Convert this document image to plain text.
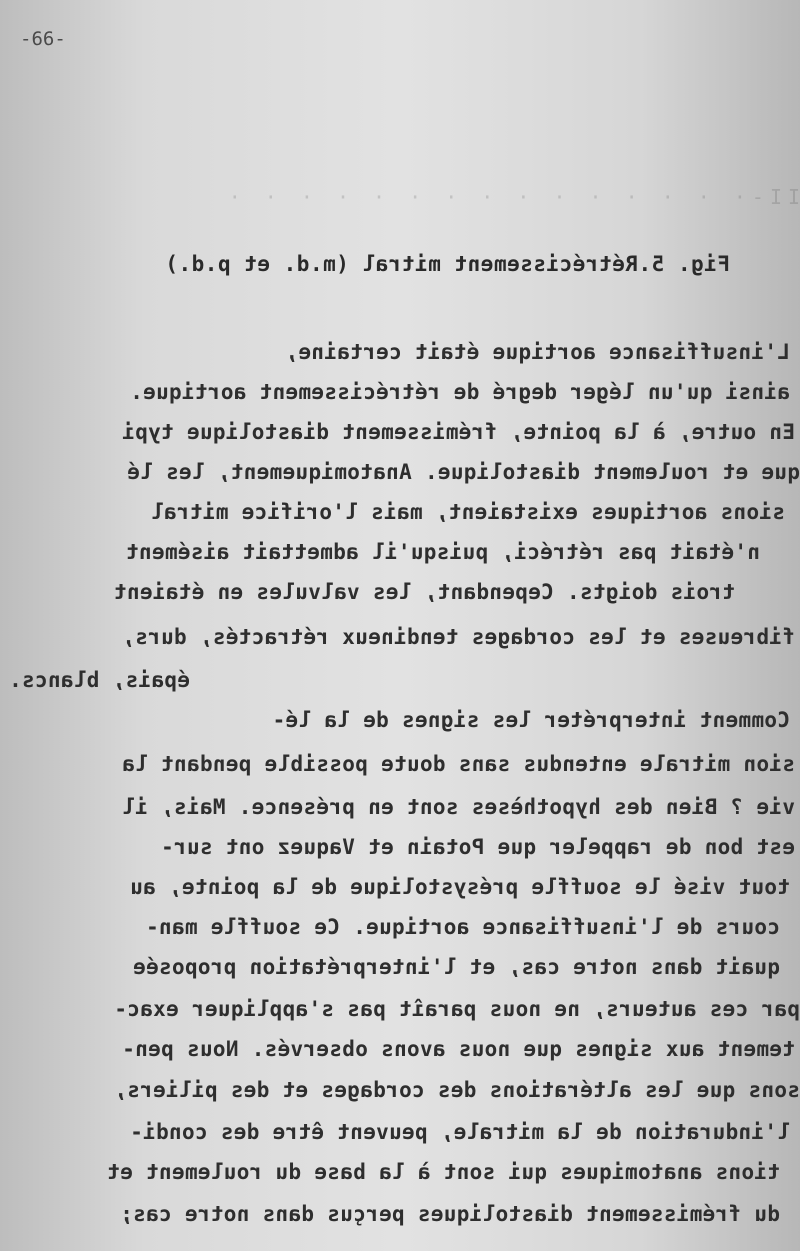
II-· · · · · · · · · · · · · · ·
-66-
Fig. 5.Rétrécissement mitral (m.d. et p.d.)
L'insuffisance aortique était certaine,
ainsi qu'un léger degré de rétrécissement aortique.
En outre, à la pointe, frémissement diastolique typi
que et roulement diastolique. Anatomiquement, les lé
sions aortiques existaient, mais l'orifice mitral
n'était pas rétréci, puisqu'il admettait aisément
trois doigts. Cependant, les valvules en étaient
fibreuses et les cordages tendineux rétractés, durs,
épais, blancs.
Comment interpréter les signes de la lé-
sion mitrale entendus sans doute possible pendant la
vie ? Bien des hypothèses sont en présence. Mais, il
est bon de rappeler que Potain et Vaquez ont sur-
tout visé le souffle présystolique de la pointe, au
cours de l'insuffisance aortique. Ce souffle man-
quait dans notre cas, et l'interprétation proposée
par ces auteurs, ne nous paraît pas s'appliquer exac-
tement aux signes que nous avons observés. Nous pen-
sons que les altérations des cordages et des piliers,
l'induration de la mitrale, peuvent être des condi-
tions anatomiques qui sont à la base du roulement et
du frémissement diastoliques perçus dans notre cas;
